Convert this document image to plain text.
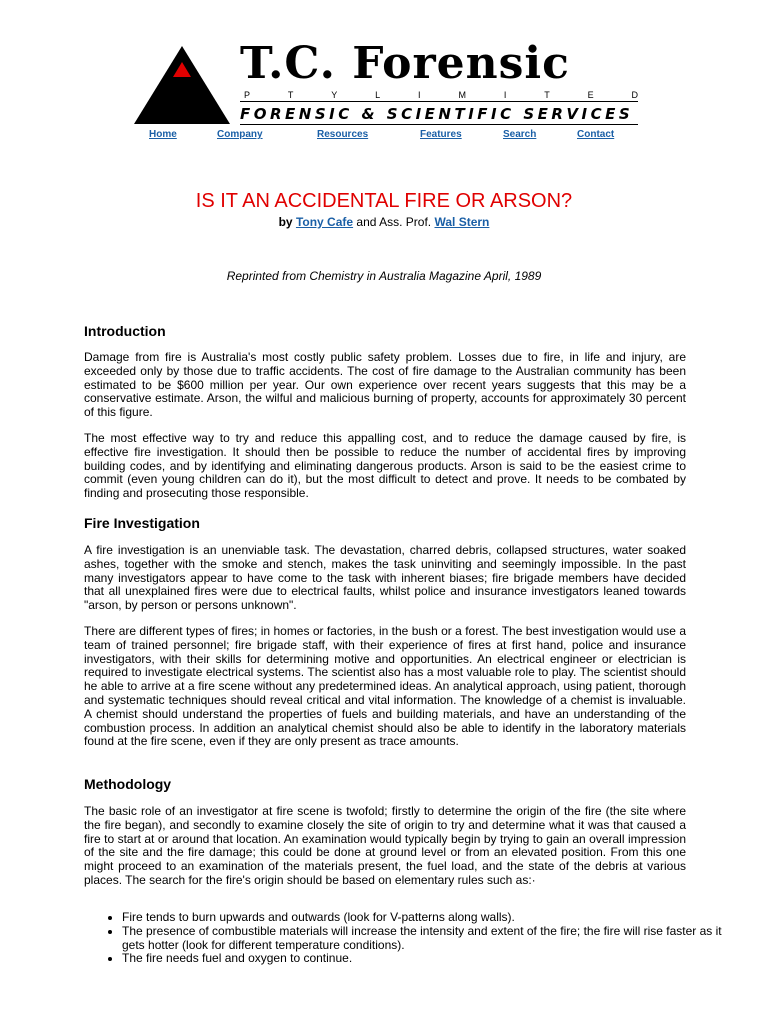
T.C. Forensic
P	T	Y	L	I	M	I	T	E	D
FORENSIC & SCIENTIFIC SERVICES
Home	Company	Resources	Features	Search	Contact
IS IT AN ACCIDENTAL FIRE OR ARSON?
by Tony Cafe and Ass. Prof. Wal Stern
Reprinted from Chemistry in Australia Magazine April, 1989
Introduction

Damage from fire is Australia's most costly public safety problem. Losses due to fire, in life and injury, are exceeded only by those due to traffic accidents. The cost of fire damage to the Australian community has been estimated to be $600 million per year. Our own experience over recent years suggests that this may be a conservative estimate. Arson, the wilful and malicious burning of property, accounts for approximately 30 percent of this figure.

The most effective way to try and reduce this appalling cost, and to reduce the damage caused by fire, is effective fire investigation. It should then be possible to reduce the number of accidental fires by improving building codes, and by identifying and eliminating dangerous products. Arson is said to be the easiest crime to commit (even young children can do it), but the most difficult to detect and prove. It needs to be combated by finding and prosecuting those responsible.

Fire Investigation

A fire investigation is an unenviable task. The devastation, charred debris, collapsed structures, water soaked ashes, together with the smoke and stench, makes the task uninviting and seemingly impossible. In the past many investigators appear to have come to the task with inherent biases; fire brigade members have decided that all unexplained fires were due to electrical faults, whilst police and insurance investigators leaned towards "arson, by person or persons unknown".

There are different types of fires; in homes or factories, in the bush or a forest. The best investigation would use a team of trained personnel; fire brigade staff, with their experience of fires at first hand, police and insurance investigators, with their skills for determining motive and opportunities. An electrical engineer or electrician is required to investigate electrical systems. The scientist also has a most valuable role to play. The scientist should he able to arrive at a fire scene without any predetermined ideas. An analytical approach, using patient, thorough and systematic techniques should reveal critical and vital information. The knowledge of a chemist is invaluable. A chemist should understand the properties of fuels and building materials, and have an understanding of the combustion process. In addition an analytical chemist should also be able to identify in the laboratory materials found at the fire scene, even if they are only present as trace amounts.

Methodology

The basic role of an investigator at fire scene is twofold; firstly to determine the origin of the fire (the site where the fire began), and secondly to examine closely the site of origin to try and determine what it was that caused a fire to start at or around that location. An examination would typically begin by trying to gain an overall impression of the site and the fire damage; this could be done at ground level or from an elevated position. From this one might proceed to an examination of the materials present, the fuel load, and the state of the debris at various places. The search for the fire's origin should be based on elementary rules such as:·

• Fire tends to burn upwards and outwards (look for V-patterns along walls).
• The presence of combustible materials will increase the intensity and extent of the fire; the fire will rise faster as it gets hotter (look for different temperature conditions).
• The fire needs fuel and oxygen to continue.
